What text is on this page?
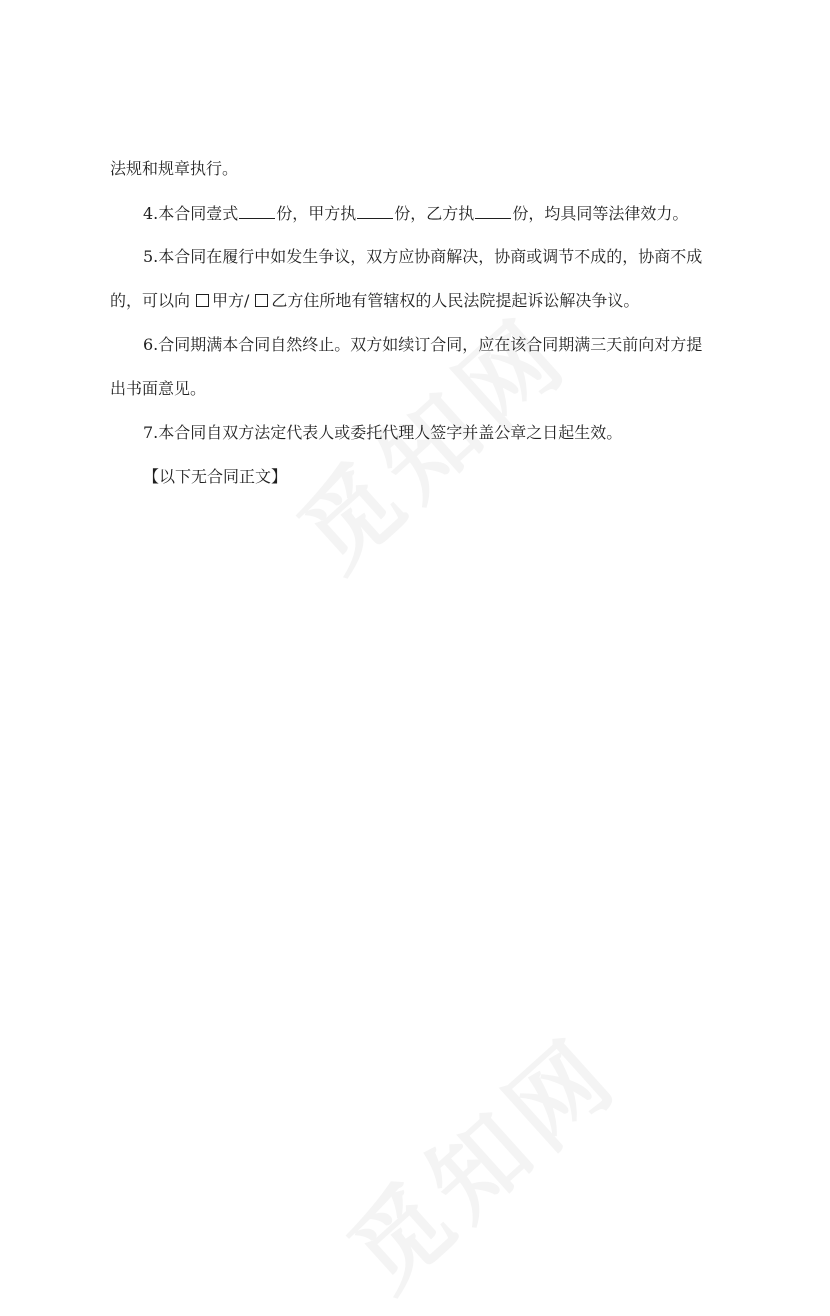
法规和规章执行。
4.本合同壹式 份，甲方执 份，乙方执 份，均具同等法律效力。
5.本合同在履行中如发生争议，双方应协商解决，协商或调节不成的，协商不成
的，可以向 甲方/ 乙方住所地有管辖权的人民法院提起诉讼解决争议。
6.合同期满本合同自然终止。双方如续订合同，应在该合同期满三天前向对方提
出书面意见。
7.本合同自双方法定代表人或委托代理人签字并盖公章之日起生效。
【以下无合同正文】
